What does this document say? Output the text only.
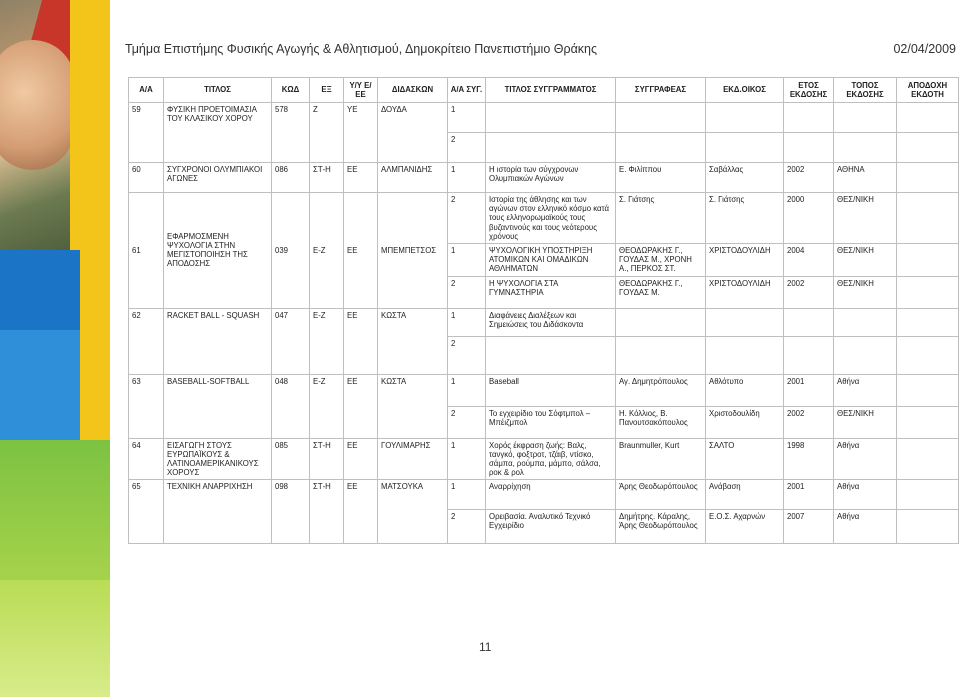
Τμήμα Επιστήμης Φυσικής Αγωγής & Αθλητισμού, Δημοκρίτειο Πανεπιστήμιο Θράκης	02/04/2009
Α/Α	ΤΙΤΛΟΣ	ΚΩΔ	ΕΞ	Υ/Υ Ε/ΕΕ	ΔΙΔΑΣΚΩΝ	Α/Α ΣΥΓ.	ΤΙΤΛΟΣ ΣΥΓΓΡΑΜΜΑΤΟΣ	ΣΥΓΓΡΑΦΕΑΣ	ΕΚΔ.ΟΙΚΟΣ	ΕΤΟΣ ΕΚΔΟΣΗΣ	ΤΟΠΟΣ ΕΚΔΟΣΗΣ	ΑΠΟΔΟΧΗ ΕΚΔΟΤΗ
59	ΦΥΣΙΚΗ ΠΡΟΕΤΟΙΜΑΣΙΑ ΤΟΥ ΚΛΑΣΙΚΟΥ ΧΟΡΟΥ	578	Ζ	ΥΕ	ΔΟΥΔΑ	1						
						2						
60	ΣΥΓΧΡΟΝΟΙ ΟΛΥΜΠΙΑΚΟΙ ΑΓΩΝΕΣ	086	ΣΤ-Η	ΕΕ	ΑΛΜΠΑΝΙΔΗΣ	1	Η ιστορία των σύγχρονων Ολυμπιακών Αγώνων	Ε. Φιλίππου	Σαβάλλας	2002	ΑΘΗΝΑ	
61	ΕΦΑΡΜΟΣΜΕΝΗ ΨΥΧΟΛΟΓΙΑ ΣΤΗΝ ΜΕΓΙΣΤΟΠΟΙΗΣΗ ΤΗΣ ΑΠΟΔΟΣΗΣ	039	Ε-Ζ	ΕΕ	ΜΠΕΜΠΕΤΣΟΣ	2	Ιστορία της άθλησης και των αγώνων στον ελληνικό κόσμο κατά τους ελληνορωμαϊκούς τους βυζαντινούς και τους νεότερους χρόνους	Σ. Γιάτσης	Σ. Γιάτσης	2000	ΘΕΣ/ΝΙΚΗ	
						1	ΨΥΧΟΛΟΓΙΚΗ ΥΠΟΣΤΗΡΙΞΗ ΑΤΟΜΙΚΩΝ ΚΑΙ ΟΜΑΔΙΚΩΝ ΑΘΛΗΜΑΤΩΝ	ΘΕΟΔΩΡΑΚΗΣ Γ., ΓΟΥΔΑΣ Μ., ΧΡΟΝΗ Α., ΠΕΡΚΟΣ ΣΤ.	ΧΡΙΣΤΟΔΟΥΛΙΔΗ	2004	ΘΕΣ/ΝΙΚΗ	
						2	Η ΨΥΧΟΛΟΓΙΑ ΣΤΑ ΓΥΜΝΑΣΤΗΡΙΑ	ΘΕΟΔΩΡΑΚΗΣ Γ., ΓΟΥΔΑΣ Μ.	ΧΡΙΣΤΟΔΟΥΛΙΔΗ	2002	ΘΕΣ/ΝΙΚΗ	
62	RACKET BALL - SQUASH	047	Ε-Ζ	ΕΕ	ΚΩΣΤΑ	1	Διαφάνειες Διαλέξεων και Σημειώσεις του Διδάσκοντα					
						2						
63	BASEBALL-SOFTBALL	048	Ε-Ζ	ΕΕ	ΚΩΣΤΑ	1	Baseball	Αγ. Δημητρόπουλος	Αθλότυπο	2001	Αθήνα	
						2	Το εγχειρίδιο του Σόφτμπολ – Μπέιζμπολ	Η. Κόλλιος, Β. Πανουτσακόπουλος	Χριστοδουλίδη	2002	ΘΕΣ/ΝΙΚΗ	
64	ΕΙΣΑΓΩΓΗ ΣΤΟΥΣ ΕΥΡΩΠΑΪΚΟΥΣ & ΛΑΤΙΝΟΑΜΕΡΙΚΑΝΙΚΟΥΣ ΧΟΡΟΥΣ	085	ΣΤ-Η	ΕΕ	ΓΟΥΛΙΜΑΡΗΣ	1	Χορός έκφραση ζωής: Βαλς, τανγκό, φοξτροτ, τζάιβ, ντίσκο, σάμπα, ρούμπα, μάμπο, σάλσα, ροκ & ρολ	Braunmuller, Kurt	ΣΑΛΤΟ	1998	Αθήνα	
65	ΤΕΧΝΙΚΗ ΑΝΑΡΡΙΧΗΣΗ	098	ΣΤ-Η	ΕΕ	ΜΑΤΣΟΥΚΑ	1	Αναρρίχηση	Άρης Θεοδωρόπουλος	Ανάβαση	2001	Αθήνα	
						2	Ορειβασία. Αναλυτικό Τεχνικό Εγχειρίδιο	Δημήτρης. Κάραλης, Άρης Θεοδωρόπουλος	Ε.Ο.Σ. Αχαρνών	2007	Αθήνα	
11
